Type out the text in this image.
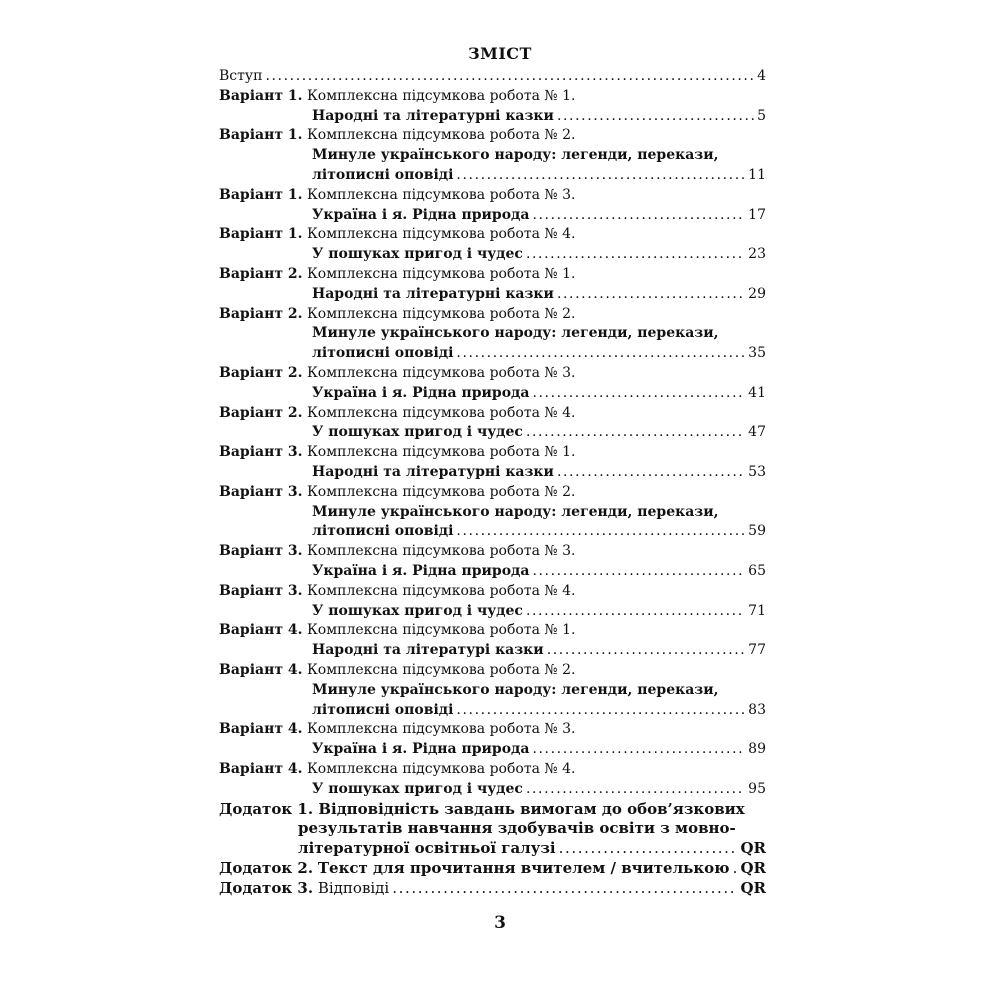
ЗМІСТ
Вступ .....	4
Варіант 1. Комплексна підсумкова робота № 1.
Народні та літературні казки .....	5
Варіант 1. Комплексна підсумкова робота № 2.
Минуле українського народу: легенди, перекази,
літописні оповіді .....	11
Варіант 1. Комплексна підсумкова робота № 3.
Україна і я. Рідна природа .....	17
Варіант 1. Комплексна підсумкова робота № 4.
У пошуках пригод і чудес .....	23
Варіант 2. Комплексна підсумкова робота № 1.
Народні та літературні казки .....	29
Варіант 2. Комплексна підсумкова робота № 2.
Минуле українського народу: легенди, перекази,
літописні оповіді .....	35
Варіант 2. Комплексна підсумкова робота № 3.
Україна і я. Рідна природа .....	41
Варіант 2. Комплексна підсумкова робота № 4.
У пошуках пригод і чудес .....	47
Варіант 3. Комплексна підсумкова робота № 1.
Народні та літературні казки .....	53
Варіант 3. Комплексна підсумкова робота № 2.
Минуле українського народу: легенди, перекази,
літописні оповіді .....	59
Варіант 3. Комплексна підсумкова робота № 3.
Україна і я. Рідна природа .....	65
Варіант 3. Комплексна підсумкова робота № 4.
У пошуках пригод і чудес .....	71
Варіант 4. Комплексна підсумкова робота № 1.
Народні та літературі казки .....	77
Варіант 4. Комплексна підсумкова робота № 2.
Минуле українського народу: легенди, перекази,
літописні оповіді .....	83
Варіант 4. Комплексна підсумкова робота № 3.
Україна і я. Рідна природа .....	89
Варіант 4. Комплексна підсумкова робота № 4.
У пошуках пригод і чудес .....	95
Додаток 1. Відповідність завдань вимогам до обов’язкових
результатів навчання здобувачів освіти з мовно-
літературної освітньої галузі .....	QR
Додаток 2. Текст для прочитання вчителем / вчителькою ..... QR
Додаток 3. Відповіді .....	QR
3
